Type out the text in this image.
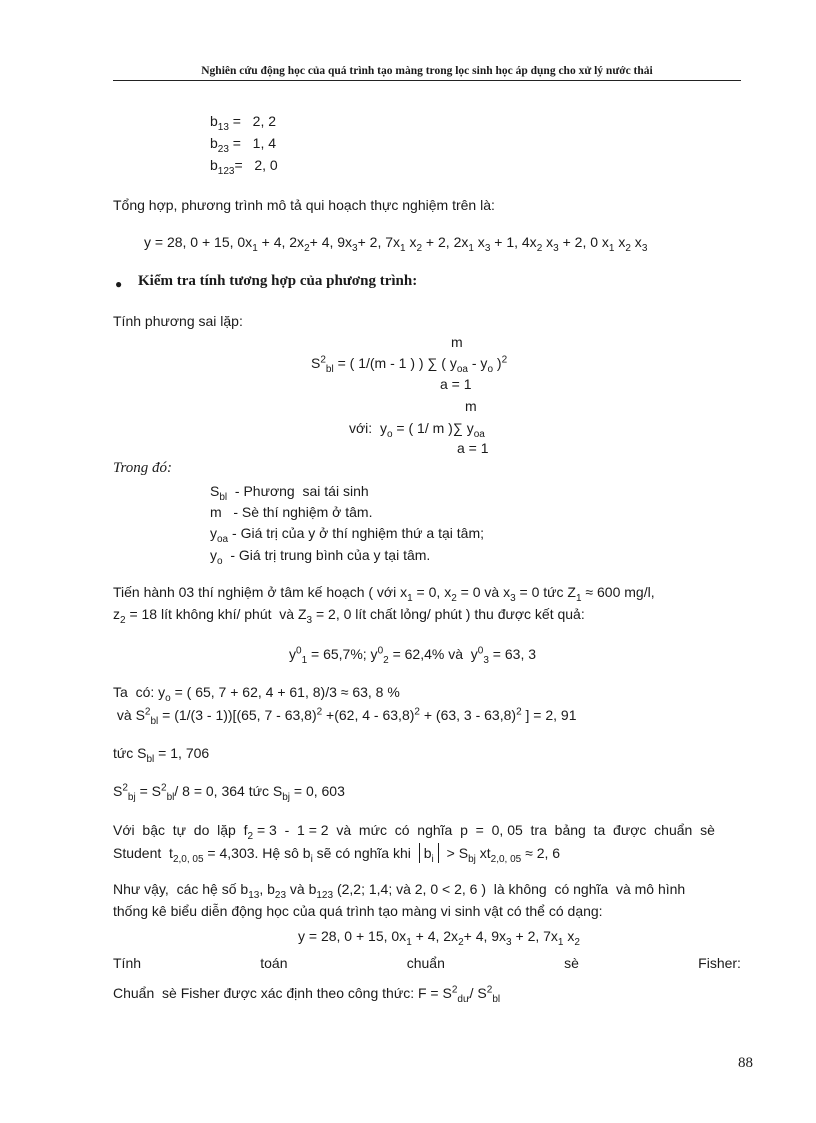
Nghiên cứu động học của quá trình tạo màng trong lọc sinh học áp dụng cho xử lý nước thải
$b_{13} = 2$, 2
$b_{23} = 1$, 4
$b_{123}= 2$, 0
Tổng hợp, phương trình mô tả qui hoạch thực nghiệm trên là:
y = 28, 0 + 15, $0x_1 + 4$, $2x_2+ 4$, $9x_3+ 2$, $7x_1$ $x_2 + 2$, $2x_1$ $x_3 + 1$, $4x_2$ $x_3 + 2$, 0 $x_1$ $x_2$ $x_3$
● Kiểm tra tính tương hợp của phương trình:
Tính phương sai lặp:
m
$S^2_{bl}$ = ( 1/(m - 1 ) ) ∑ ( $y_{oa} - y_o$ )$^2$
a = 1
m
với:  $y_o$ = ( 1/ m )∑ $y_{oa}$
a = 1
Trong đó:
$S_{bl}$  - Phương  sai tái sinh
m   - Sè thí nghiệm ở tâm.
$y_{oa}$ - Giá trị của y ở thí nghiệm thứ a tại tâm;
$y_o$  - Giá trị trung bình của y tại tâm.
Tiến hành 03 thí nghiệm ở tâm kế hoạch ( với $x_1 = 0$, $x_2 = 0$ và $x_3 = 0$ tức $Z_1 \approx 600$ mg/l,
$z_2 = 18$ lít không khí/ phút  và $Z_3 = 2$, 0 lít chất lỏng/ phút ) thu được kết quả:
$y^0_1 = 65,7\%$; $y^0_2 = 62,4\%$ và  $y^0_3 = 63$, 3
Ta  có: $y_o$ = ( 65, 7 + 62, 4 + 61, 8)/3 ≈ 63, 8 %
và $S^2_{bl} = (1/(3 - 1))[(65$, 7 - 63,8)$^2$ +(62, 4 - 63,8)$^2$ + (63, 3 - 63,8)$^2$ ] = 2, 91
tức $S_{bl} = 1$, 706
$S^2_{bj} = S^2_{bl}/$ 8 = 0, 364 tức $S_{bj} = 0$, 603
Với  bậc  tự  do  lặp  $f_2 = 3 - 1 = 2$  và  mức  có  nghĩa  p  =  0, 05  tra  bảng  ta  được  chuẩn  sè
Student  $t_{2,0, 05} = 4,303$. Hệ sô $b_i$ sẽ có nghĩa khi $b_i > S_{bj}$ $xt_{2,0, 05} \approx 2$, 6
Như vậy,  các hệ số $b_{13}$, $b_{23}$ và $b_{123}$ (2,2; 1,4; và 2, 0 < 2, 6 )  là không  có nghĩa  và mô hình
thống kê biểu diễn động học của quá trình tạo màng vi sinh vật có thể có dạng:
y = 28, 0 + 15, $0x_1 + 4$, $2x_2+ 4$, $9x_3 + 2$, $7x_1$ $x_2$
Tính	toán	chuẩn	sè	Fisher:
Chuẩn  sè Fisher được xác định theo công thức: $F = S^2_{dư}/$ $S^2_{bl}$
88
